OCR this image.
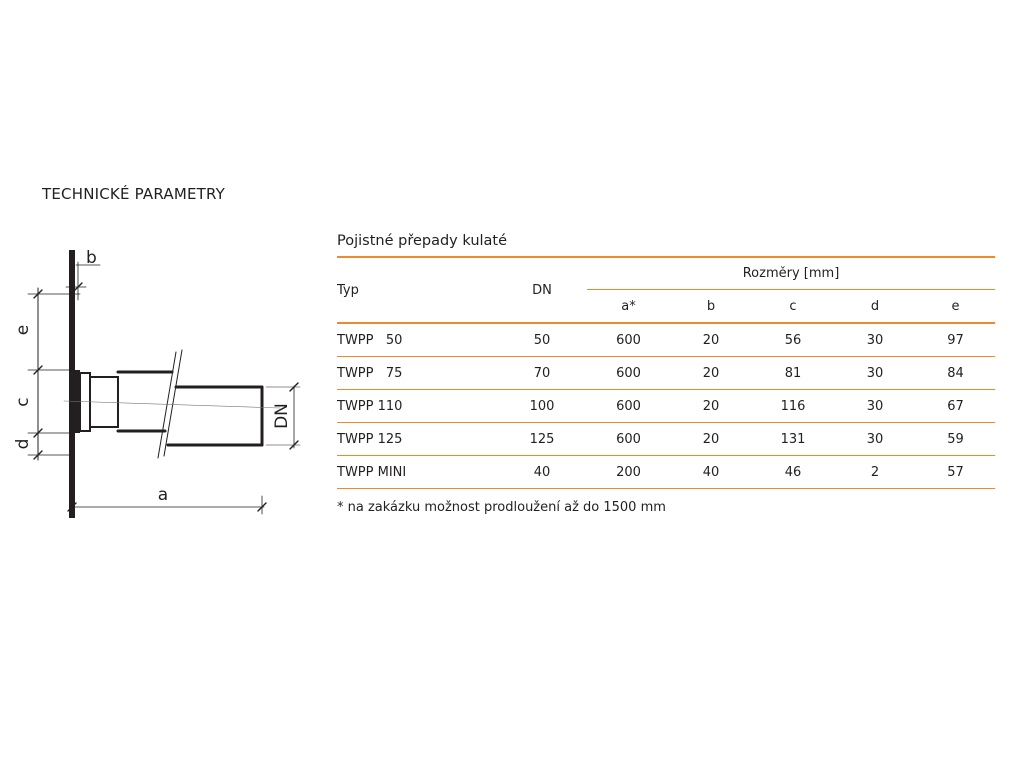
TECHNICKÉ PARAMETRY
b
e
c
d
DN
a
Pojistné přepady kulaté
Typ	DN	Rozměry [mm]				
		a*	b	c	d	e
TWPP   50	50	600	20	56	30	97
TWPP   75	70	600	20	81	30	84
TWPP 110	100	600	20	116	30	67
TWPP 125	125	600	20	131	30	59
TWPP MINI	40	200	40	46	2	57
* na zakázku možnost prodloužení až do 1500 mm
